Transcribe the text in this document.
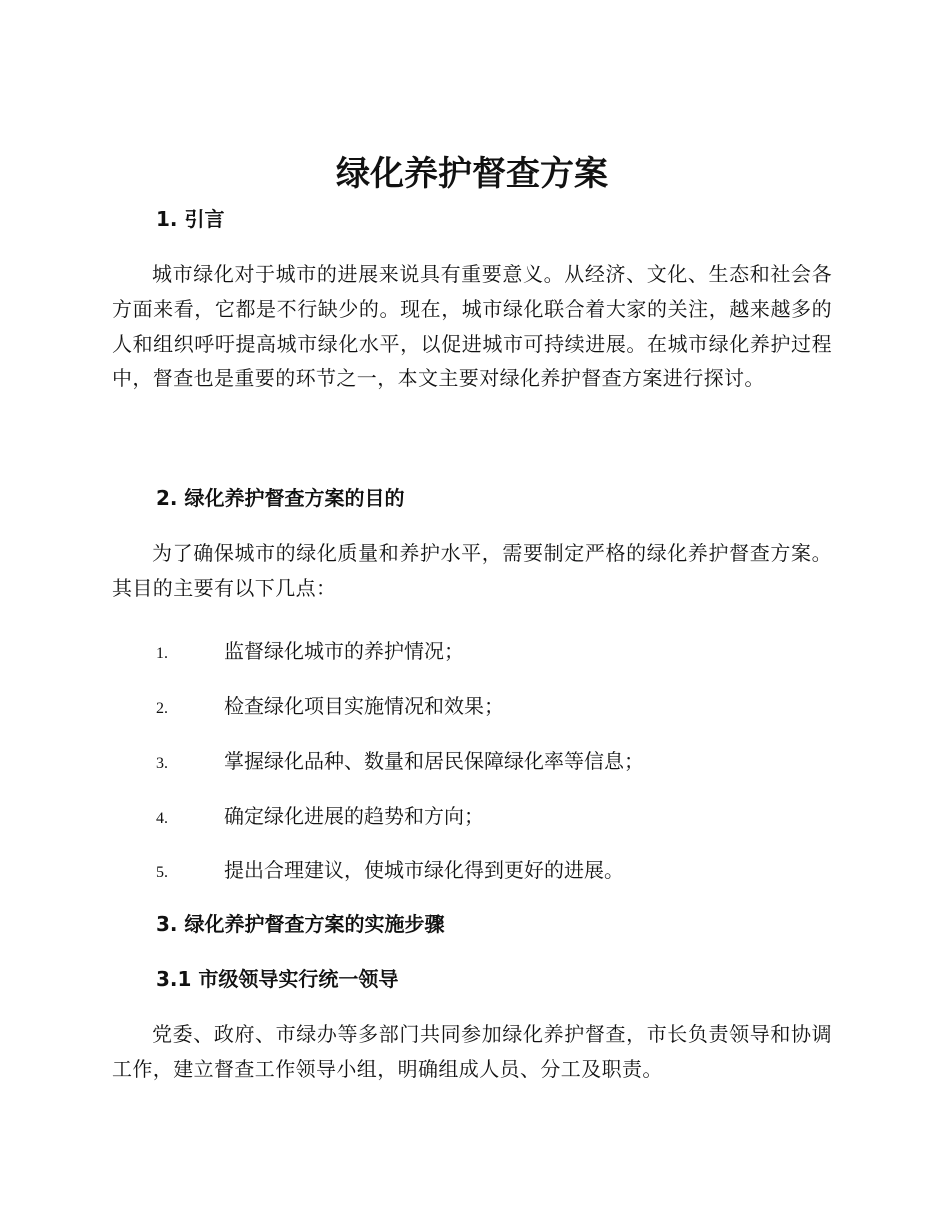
绿化养护督查方案
1. 引言

城市绿化对于城市的进展来说具有重要意义。从经济、文化、生态和社会各方面来看，它都是不行缺少的。现在，城市绿化联合着大家的关注，越来越多的人和组织呼吁提高城市绿化水平，以促进城市可持续进展。在城市绿化养护过程中，督查也是重要的环节之一，本文主要对绿化养护督查方案进行探讨。

2. 绿化养护督查方案的目的

为了确保城市的绿化质量和养护水平，需要制定严格的绿化养护督查方案。其目的主要有以下几点：

1.	监督绿化城市的养护情况；
2.	检查绿化项目实施情况和效果；
3.	掌握绿化品种、数量和居民保障绿化率等信息；
4.	确定绿化进展的趋势和方向；
5.	提出合理建议，使城市绿化得到更好的进展。
3. 绿化养护督查方案的实施步骤
3.1 市级领导实行统一领导

党委、政府、市绿办等多部门共同参加绿化养护督查，市长负责领导和协调工作，建立督查工作领导小组，明确组成人员、分工及职责。
